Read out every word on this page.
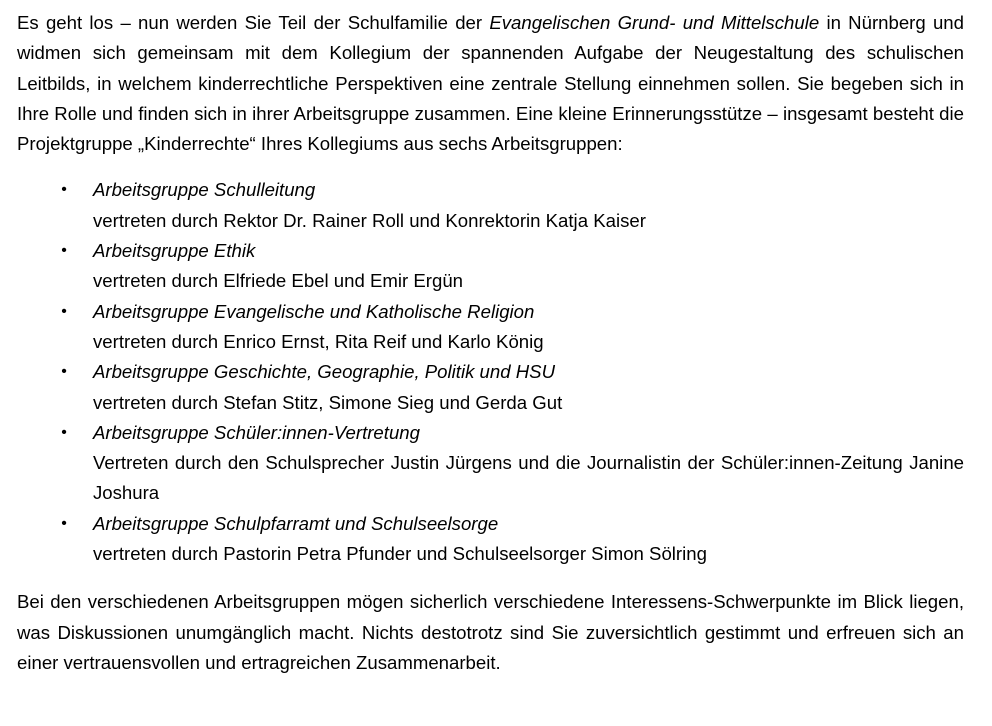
Es geht los – nun werden Sie Teil der Schulfamilie der Evangelischen Grund- und Mittelschule in Nürnberg und widmen sich gemeinsam mit dem Kollegium der spannenden Aufgabe der Neugestaltung des schulischen Leitbilds, in welchem kinderrechtliche Perspektiven eine zentrale Stellung einnehmen sollen. Sie begeben sich in Ihre Rolle und finden sich in ihrer Arbeitsgruppe zusammen. Eine kleine Erinnerungsstütze – insgesamt besteht die Projektgruppe „Kinderrechte“ Ihres Kollegiums aus sechs Arbeitsgruppen:

• Arbeitsgruppe Schulleitung
vertreten durch Rektor Dr. Rainer Roll und Konrektorin Katja Kaiser
• Arbeitsgruppe Ethik
vertreten durch Elfriede Ebel und Emir Ergün
• Arbeitsgruppe Evangelische und Katholische Religion
vertreten durch Enrico Ernst, Rita Reif und Karlo König
• Arbeitsgruppe Geschichte, Geographie, Politik und HSU
vertreten durch Stefan Stitz, Simone Sieg und Gerda Gut
• Arbeitsgruppe Schüler:innen-Vertretung
Vertreten durch den Schulsprecher Justin Jürgens und die Journalistin der Schüler:innen-Zeitung Janine Joshura
• Arbeitsgruppe Schulpfarramt und Schulseelsorge
vertreten durch Pastorin Petra Pfunder und Schulseelsorger Simon Sölring

Bei den verschiedenen Arbeitsgruppen mögen sicherlich verschiedene Interessens-Schwerpunkte im Blick liegen, was Diskussionen unumgänglich macht. Nichts destotrotz sind Sie zuversichtlich gestimmt und erfreuen sich an einer vertrauensvollen und ertragreichen Zusammenarbeit.
